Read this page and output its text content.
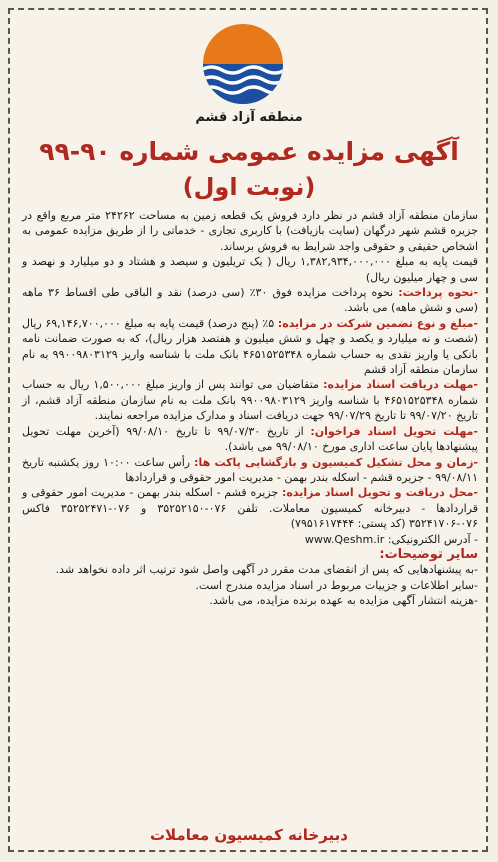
منطقه آزاد قشم
آگهی مزایده عمومی شماره ۹۰-۹۹
(نوبت اول)

سازمان منطقه آزاد قشم در نظر دارد فروش یک قطعه زمین به مساحت ۲۴۲۶۲ متر مربع واقع در جزیره قشم شهر درگهان (سایت بازیافت) با کاربری تجاری - خدماتی را از طریق مزایده عمومی به اشخاص حقیقی و حقوقی واجد شرایط به فروش برساند.

قیمت پایه به مبلغ ۱,۳۸۲,۹۳۴,۰۰۰,۰۰۰ ریال ( یک تریلیون و سیصد و هشتاد و دو میلیارد و نهصد و سی و چهار میلیون ریال)

-نحوه پرداخت: نحوه پرداخت مزایده فوق ۳۰٪ (سی درصد) نقد و الباقی طی اقساط ۳۶ ماهه (سی و شش ماهه) می باشد.

-مبلغ و نوع تضمین شرکت در مزایده: ۵٪ (پنج درصد) قیمت پایه به مبلغ ۶۹,۱۴۶,۷۰۰,۰۰۰ ریال (شصت و نه میلیارد و یکصد و چهل و شش میلیون و هفتصد هزار ریال)، که به صورت ضمانت نامه بانکی یا واریز نقدی به حساب شماره ۴۶۵۱۵۲۵۳۴۸ بانک ملت با شناسه واریز ۹۹۰۰۹۸۰۳۱۲۹ به نام سازمان منطقه آزاد قشم

-مهلت دریافت اسناد مزایده: متقاضیان می توانند پس از واریز مبلغ ۱,۵۰۰,۰۰۰ ریال به حساب شماره ۴۶۵۱۵۲۵۳۴۸ با شناسه واریز ۹۹۰۰۹۸۰۳۱۲۹ بانک ملت به نام سازمان منطقه آزاد قشم، از تاریخ ۹۹/۰۷/۲۰ تا تاریخ ۹۹/۰۷/۲۹ جهت دریافت اسناد و مدارک مزایده مراجعه نمایند.

-مهلت تحویل اسناد فراخوان: از تاریخ ۹۹/۰۷/۳۰ تا تاریخ ۹۹/۰۸/۱۰ (آخرین مهلت تحویل پیشنهادها پایان ساعت اداری مورخ ۹۹/۰۸/۱۰ می باشد).

-زمان و محل تشکیل کمیسیون و بازگشایی پاکت ها: رأس ساعت ۱۰:۰۰ روز یکشنبه تاریخ ۹۹/۰۸/۱۱ - جزیره قشم - اسکله بندر بهمن - مدیریت امور حقوقی و قراردادها

-محل دریافت و تحویل اسناد مزایده: جزیره قشم - اسکله بندر بهمن - مدیریت امور حقوقی و قراردادها - دبیرخانه کمیسیون معاملات. تلفن ۰۷۶-۳۵۲۵۲۱۵۰ و ۰۷۶-۳۵۲۵۲۴۷۱ فاکس ۰۷۶-۳۵۲۴۱۷۰۶ (کد پستی: ۷۹۵۱۶۱۷۴۴۴)

- آدرس الکترونیکی: www.Qeshm.ir

سایر توضیحات:

-به پیشنهادهایی که پس از انقضای مدت مقرر در آگهی واصل شود ترتیب اثر داده نخواهد شد.

-سایر اطلاعات و جزییات مربوط در اسناد مزایده مندرج است.

-هزینه انتشار آگهی مزایده به عهده برنده مزایده، می باشد.

دبیرخانه کمیسیون معاملات
